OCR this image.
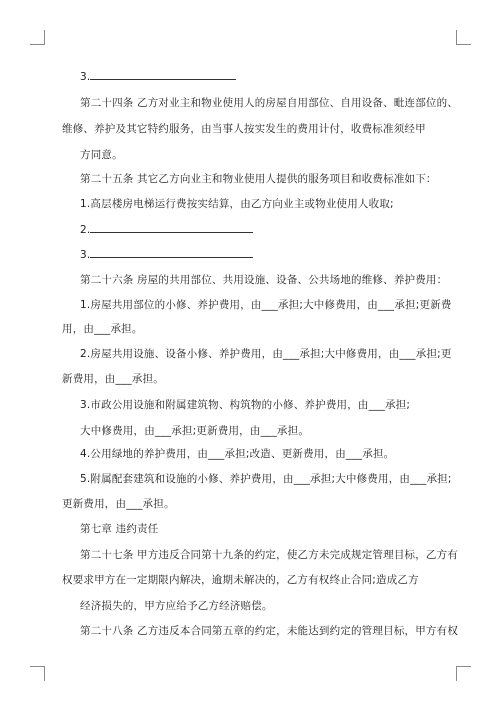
3.
第二十四条 乙方对业主和物业使用人的房屋自用部位、自用设备、毗连部位的、
维修、养护及其它特约服务，由当事人按实发生的费用计付，收费标准须经甲
方同意。
第二十五条 其它乙方向业主和物业使用人提供的服务项目和收费标准如下：
1.高层楼房电梯运行费按实结算，由乙方向业主或物业使用人收取;
2.
3.
第二十六条 房屋的共用部位、共用设施、设备、公共场地的维修、养护费用：
1.房屋共用部位的小修、养护费用，由___承担;大中修费用，由___承担;更新费
用，由___承担。
2.房屋共用设施、设备小修、养护费用，由___承担;大中修费用，由___承担;更
新费用，由___承担。
3.市政公用设施和附属建筑物、构筑物的小修、养护费用，由___承担;
大中修费用，由___承担;更新费用，由___承担。
4.公用绿地的养护费用，由___承担;改造、更新费用，由___承担。
5.附属配套建筑和设施的小修、养护费用，由___承担;大中修费用，由___承担;
更新费用，由___承担。
第七章 违约责任
第二十七条 甲方违反合同第十九条的约定，使乙方未完成规定管理目标，乙方有
权要求甲方在一定期限内解决，逾期未解决的，乙方有权终止合同;造成乙方
经济损失的，甲方应给予乙方经济赔偿。
第二十八条 乙方违反本合同第五章的约定，未能达到约定的管理目标，甲方有权
